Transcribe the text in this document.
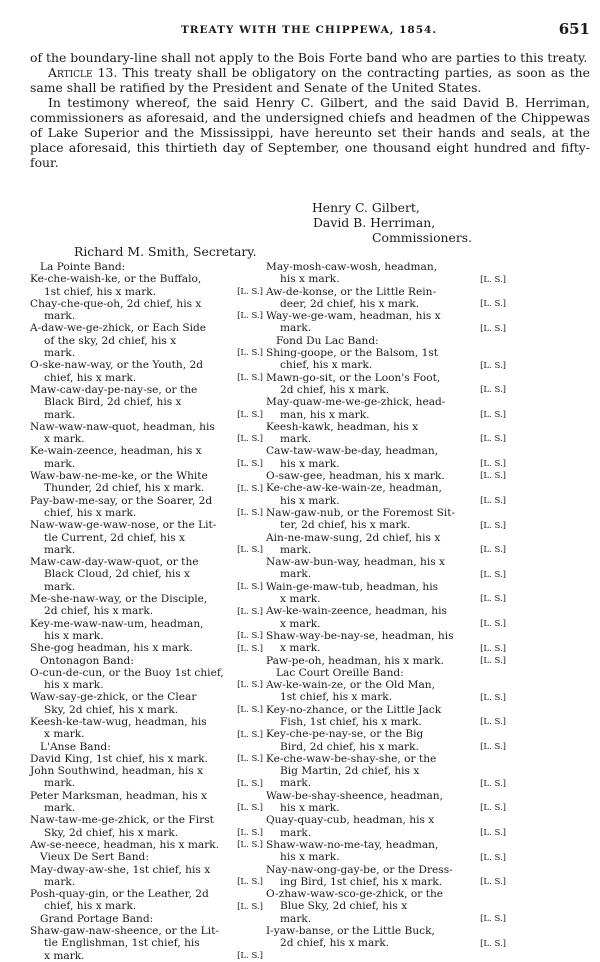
TREATY WITH THE CHIPPEWA, 1854.	651

of the boundary-line shall not apply to the Bois Forte band who are parties to this treaty.

Article 13. This treaty shall be obligatory on the contracting parties, as soon as the same shall be ratified by the President and Senate of the United States.

In testimony whereof, the said Henry C. Gilbert, and the said David B. Herriman, commissioners as aforesaid, and the undersigned chiefs and headmen of the Chippewas of Lake Superior and the Mississippi, have hereunto set their hands and seals, at the place aforesaid, this thirtieth day of September, one thousand eight hundred and fifty-four.

Henry C. Gilbert,
David B. Herriman,
Commissioners.
Richard M. Smith, Secretary.
La Pointe Band:
Ke-che-waish-ke, or the Buffalo,
1st chief, his x mark.	[L. S.]
Chay-che-que-oh, 2d chief, his x
mark.	[L. S.]
A-daw-we-ge-zhick, or Each Side
of the sky, 2d chief, his x
mark.	[L. S.]
O-ske-naw-way, or the Youth, 2d
chief, his x mark.	[L. S.]
Maw-caw-day-pe-nay-se, or the
Black Bird, 2d chief, his x
mark.	[L. S.]
Naw-waw-naw-quot, headman, his
x mark.	[L. S.]
Ke-wain-zeence, headman, his x
mark.	[L. S.]
Waw-baw-ne-me-ke, or the White
Thunder, 2d chief, his x mark.	[L. S.]
Pay-baw-me-say, or the Soarer, 2d
chief, his x mark.	[L. S.]
Naw-waw-ge-waw-nose, or the Lit-
tle Current, 2d chief, his x
mark.	[L. S.]
Maw-caw-day-waw-quot, or the
Black Cloud, 2d chief, his x
mark.	[L. S.]
Me-she-naw-way, or the Disciple,
2d chief, his x mark.	[L. S.]
Key-me-waw-naw-um, headman,
his x mark.	[L. S.]
She-gog headman, his x mark.	[L. S.]
Ontonagon Band:
O-cun-de-cun, or the Buoy 1st chief,
his x mark.	[L. S.]
Waw-say-ge-zhick, or the Clear
Sky, 2d chief, his x mark.	[L. S.]
Keesh-ke-taw-wug, headman, his
x mark.	[L. S.]
L'Anse Band:
David King, 1st chief, his x mark.	[L. S.]
John Southwind, headman, his x
mark.	[L. S.]
Peter Marksman, headman, his x
mark.	[L. S.]
Naw-taw-me-ge-zhick, or the First
Sky, 2d chief, his x mark.	[L. S.]
Aw-se-neece, headman, his x mark.	[L. S.]
Vieux De Sert Band:
May-dway-aw-she, 1st chief, his x
mark.	[L. S.]
Posh-quay-gin, or the Leather, 2d
chief, his x mark.	[L. S.]
Grand Portage Band:
Shaw-gaw-naw-sheence, or the Lit-
tle Englishman, 1st chief, his
x mark.	[L. S.]
May-mosh-caw-wosh, headman,
his x mark.	[L. S.]
Aw-de-konse, or the Little Rein-
deer, 2d chief, his x mark.	[L. S.]
Way-we-ge-wam, headman, his x
mark.	[L. S.]
Fond Du Lac Band:
Shing-goope, or the Balsom, 1st
chief, his x mark.	[L. S.]
Mawn-go-sit, or the Loon's Foot,
2d chief, his x mark.	[L. S.]
May-quaw-me-we-ge-zhick, head-
man, his x mark.	[L. S.]
Keesh-kawk, headman, his x
mark.	[L. S.]
Caw-taw-waw-be-day, headman,
his x mark.	[L. S.]
O-saw-gee, headman, his x mark.	[L. S.]
Ke-che-aw-ke-wain-ze, headman,
his x mark.	[L. S.]
Naw-gaw-nub, or the Foremost Sit-
ter, 2d chief, his x mark.	[L. S.]
Ain-ne-maw-sung, 2d chief, his x
mark.	[L. S.]
Naw-aw-bun-way, headman, his x
mark.	[L. S.]
Wain-ge-maw-tub, headman, his
x mark.	[L. S.]
Aw-ke-wain-zeence, headman, his
x mark.	[L. S.]
Shaw-way-be-nay-se, headman, his
x mark.	[L. S.]
Paw-pe-oh, headman, his x mark.	[L. S.]
Lac Court Oreille Band:
Aw-ke-wain-ze, or the Old Man,
1st chief, his x mark.	[L. S.]
Key-no-zhance, or the Little Jack
Fish, 1st chief, his x mark.	[L. S.]
Key-che-pe-nay-se, or the Big
Bird, 2d chief, his x mark.	[L. S.]
Ke-che-waw-be-shay-she, or the
Big Martin, 2d chief, his x
mark.	[L. S.]
Waw-be-shay-sheence, headman,
his x mark.	[L. S.]
Quay-quay-cub, headman, his x
mark.	[L. S.]
Shaw-waw-no-me-tay, headman,
his x mark.	[L. S.]
Nay-naw-ong-gay-be, or the Dress-
ing Bird, 1st chief, his x mark.	[L. S.]
O-zhaw-waw-sco-ge-zhick, or the
Blue Sky, 2d chief, his x
mark.	[L. S.]
I-yaw-banse, or the Little Buck,
2d chief, his x mark.	[L. S.]
